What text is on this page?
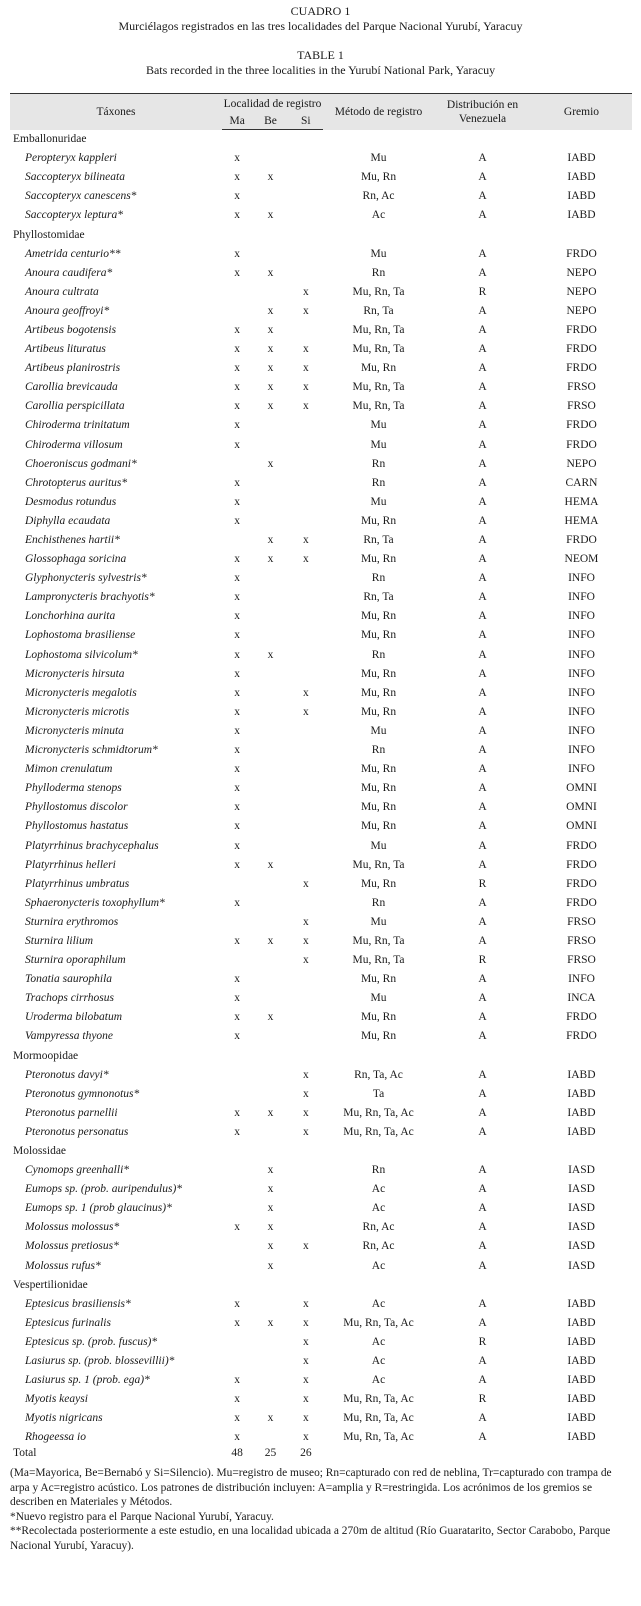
CUADRO 1
Murciélagos registrados en las tres localidades del Parque Nacional Yurubí, Yaracuy
TABLE 1
Bats recorded in the three localities in the Yurubí National Park, Yaracuy
Táxones	Localidad de registro			Método de registro	Distribución en Venezuela	Gremio
	Ma	Be	Si			
Emballonuridae						
Peropteryx kappleri	x			Mu	A	IABD
Saccopteryx bilineata	x	x		Mu, Rn	A	IABD
Saccopteryx canescens*	x			Rn, Ac	A	IABD
Saccopteryx leptura*	x	x		Ac	A	IABD
Phyllostomidae						
Ametrida centurio**	x			Mu	A	FRDO
Anoura caudifera*	x	x		Rn	A	NEPO
Anoura cultrata			x	Mu, Rn, Ta	R	NEPO
Anoura geoffroyi*		x	x	Rn, Ta	A	NEPO
Artibeus bogotensis	x	x		Mu, Rn, Ta	A	FRDO
Artibeus lituratus	x	x	x	Mu, Rn, Ta	A	FRDO
Artibeus planirostris	x	x	x	Mu, Rn	A	FRDO
Carollia brevicauda	x	x	x	Mu, Rn, Ta	A	FRSO
Carollia perspicillata	x	x	x	Mu, Rn, Ta	A	FRSO
Chiroderma trinitatum	x			Mu	A	FRDO
Chiroderma villosum	x			Mu	A	FRDO
Choeroniscus godmani*		x		Rn	A	NEPO
Chrotopterus auritus*	x			Rn	A	CARN
Desmodus rotundus	x			Mu	A	HEMA
Diphylla ecaudata	x			Mu, Rn	A	HEMA
Enchisthenes hartii*		x	x	Rn, Ta	A	FRDO
Glossophaga soricina	x	x	x	Mu, Rn	A	NEOM
Glyphonycteris sylvestris*	x			Rn	A	INFO
Lampronycteris brachyotis*	x			Rn, Ta	A	INFO
Lonchorhina aurita	x			Mu, Rn	A	INFO
Lophostoma brasiliense	x			Mu, Rn	A	INFO
Lophostoma silvicolum*	x	x		Rn	A	INFO
Micronycteris hirsuta	x			Mu, Rn	A	INFO
Micronycteris megalotis	x		x	Mu, Rn	A	INFO
Micronycteris microtis	x		x	Mu, Rn	A	INFO
Micronycteris minuta	x			Mu	A	INFO
Micronycteris schmidtorum*	x			Rn	A	INFO
Mimon crenulatum	x			Mu, Rn	A	INFO
Phylloderma stenops	x			Mu, Rn	A	OMNI
Phyllostomus discolor	x			Mu, Rn	A	OMNI
Phyllostomus hastatus	x			Mu, Rn	A	OMNI
Platyrrhinus brachycephalus	x			Mu	A	FRDO
Platyrrhinus helleri	x	x		Mu, Rn, Ta	A	FRDO
Platyrrhinus umbratus			x	Mu, Rn	R	FRDO
Sphaeronycteris toxophyllum*	x			Rn	A	FRDO
Sturnira erythromos			x	Mu	A	FRSO
Sturnira lilium	x	x	x	Mu, Rn, Ta	A	FRSO
Sturnira oporaphilum			x	Mu, Rn, Ta	R	FRSO
Tonatia saurophila	x			Mu, Rn	A	INFO
Trachops cirrhosus	x			Mu	A	INCA
Uroderma bilobatum	x	x		Mu, Rn	A	FRDO
Vampyressa thyone	x			Mu, Rn	A	FRDO
Mormoopidae						
Pteronotus davyi*			x	Rn, Ta, Ac	A	IABD
Pteronotus gymnonotus*			x	Ta	A	IABD
Pteronotus parnellii	x	x	x	Mu, Rn, Ta, Ac	A	IABD
Pteronotus personatus	x		x	Mu, Rn, Ta, Ac	A	IABD
Molossidae						
Cynomops greenhalli*		x		Rn	A	IASD
Eumops sp. (prob. auripendulus)*		x		Ac	A	IASD
Eumops sp. 1 (prob glaucinus)*		x		Ac	A	IASD
Molossus molossus*	x	x		Rn, Ac	A	IASD
Molossus pretiosus*		x	x	Rn, Ac	A	IASD
Molossus rufus*		x		Ac	A	IASD
Vespertilionidae						
Eptesicus brasiliensis*	x		x	Ac	A	IABD
Eptesicus furinalis	x	x	x	Mu, Rn, Ta, Ac	A	IABD
Eptesicus sp. (prob. fuscus)*			x	Ac	R	IABD
Lasiurus sp. (prob. blossevillii)*			x	Ac	A	IABD
Lasiurus sp. 1 (prob. ega)*	x		x	Ac	A	IABD
Myotis keaysi	x		x	Mu, Rn, Ta, Ac	R	IABD
Myotis nigricans	x	x	x	Mu, Rn, Ta, Ac	A	IABD
Rhogeessa io	x		x	Mu, Rn, Ta, Ac	A	IABD
Total	48	25	26			

(Ma=Mayorica, Be=Bernabó y Si=Silencio). Mu=registro de museo; Rn=capturado con red de neblina, Tr=capturado con trampa de arpa y Ac=registro acústico. Los patrones de distribución incluyen: A=amplia y R=restringida. Los acrónimos de los gremios se describen en Materiales y Métodos.

*Nuevo registro para el Parque Nacional Yurubí, Yaracuy.

**Recolectada posteriormente a este estudio, en una localidad ubicada a 270m de altitud (Río Guaratarito, Sector Carabobo, Parque Nacional Yurubí, Yaracuy).
